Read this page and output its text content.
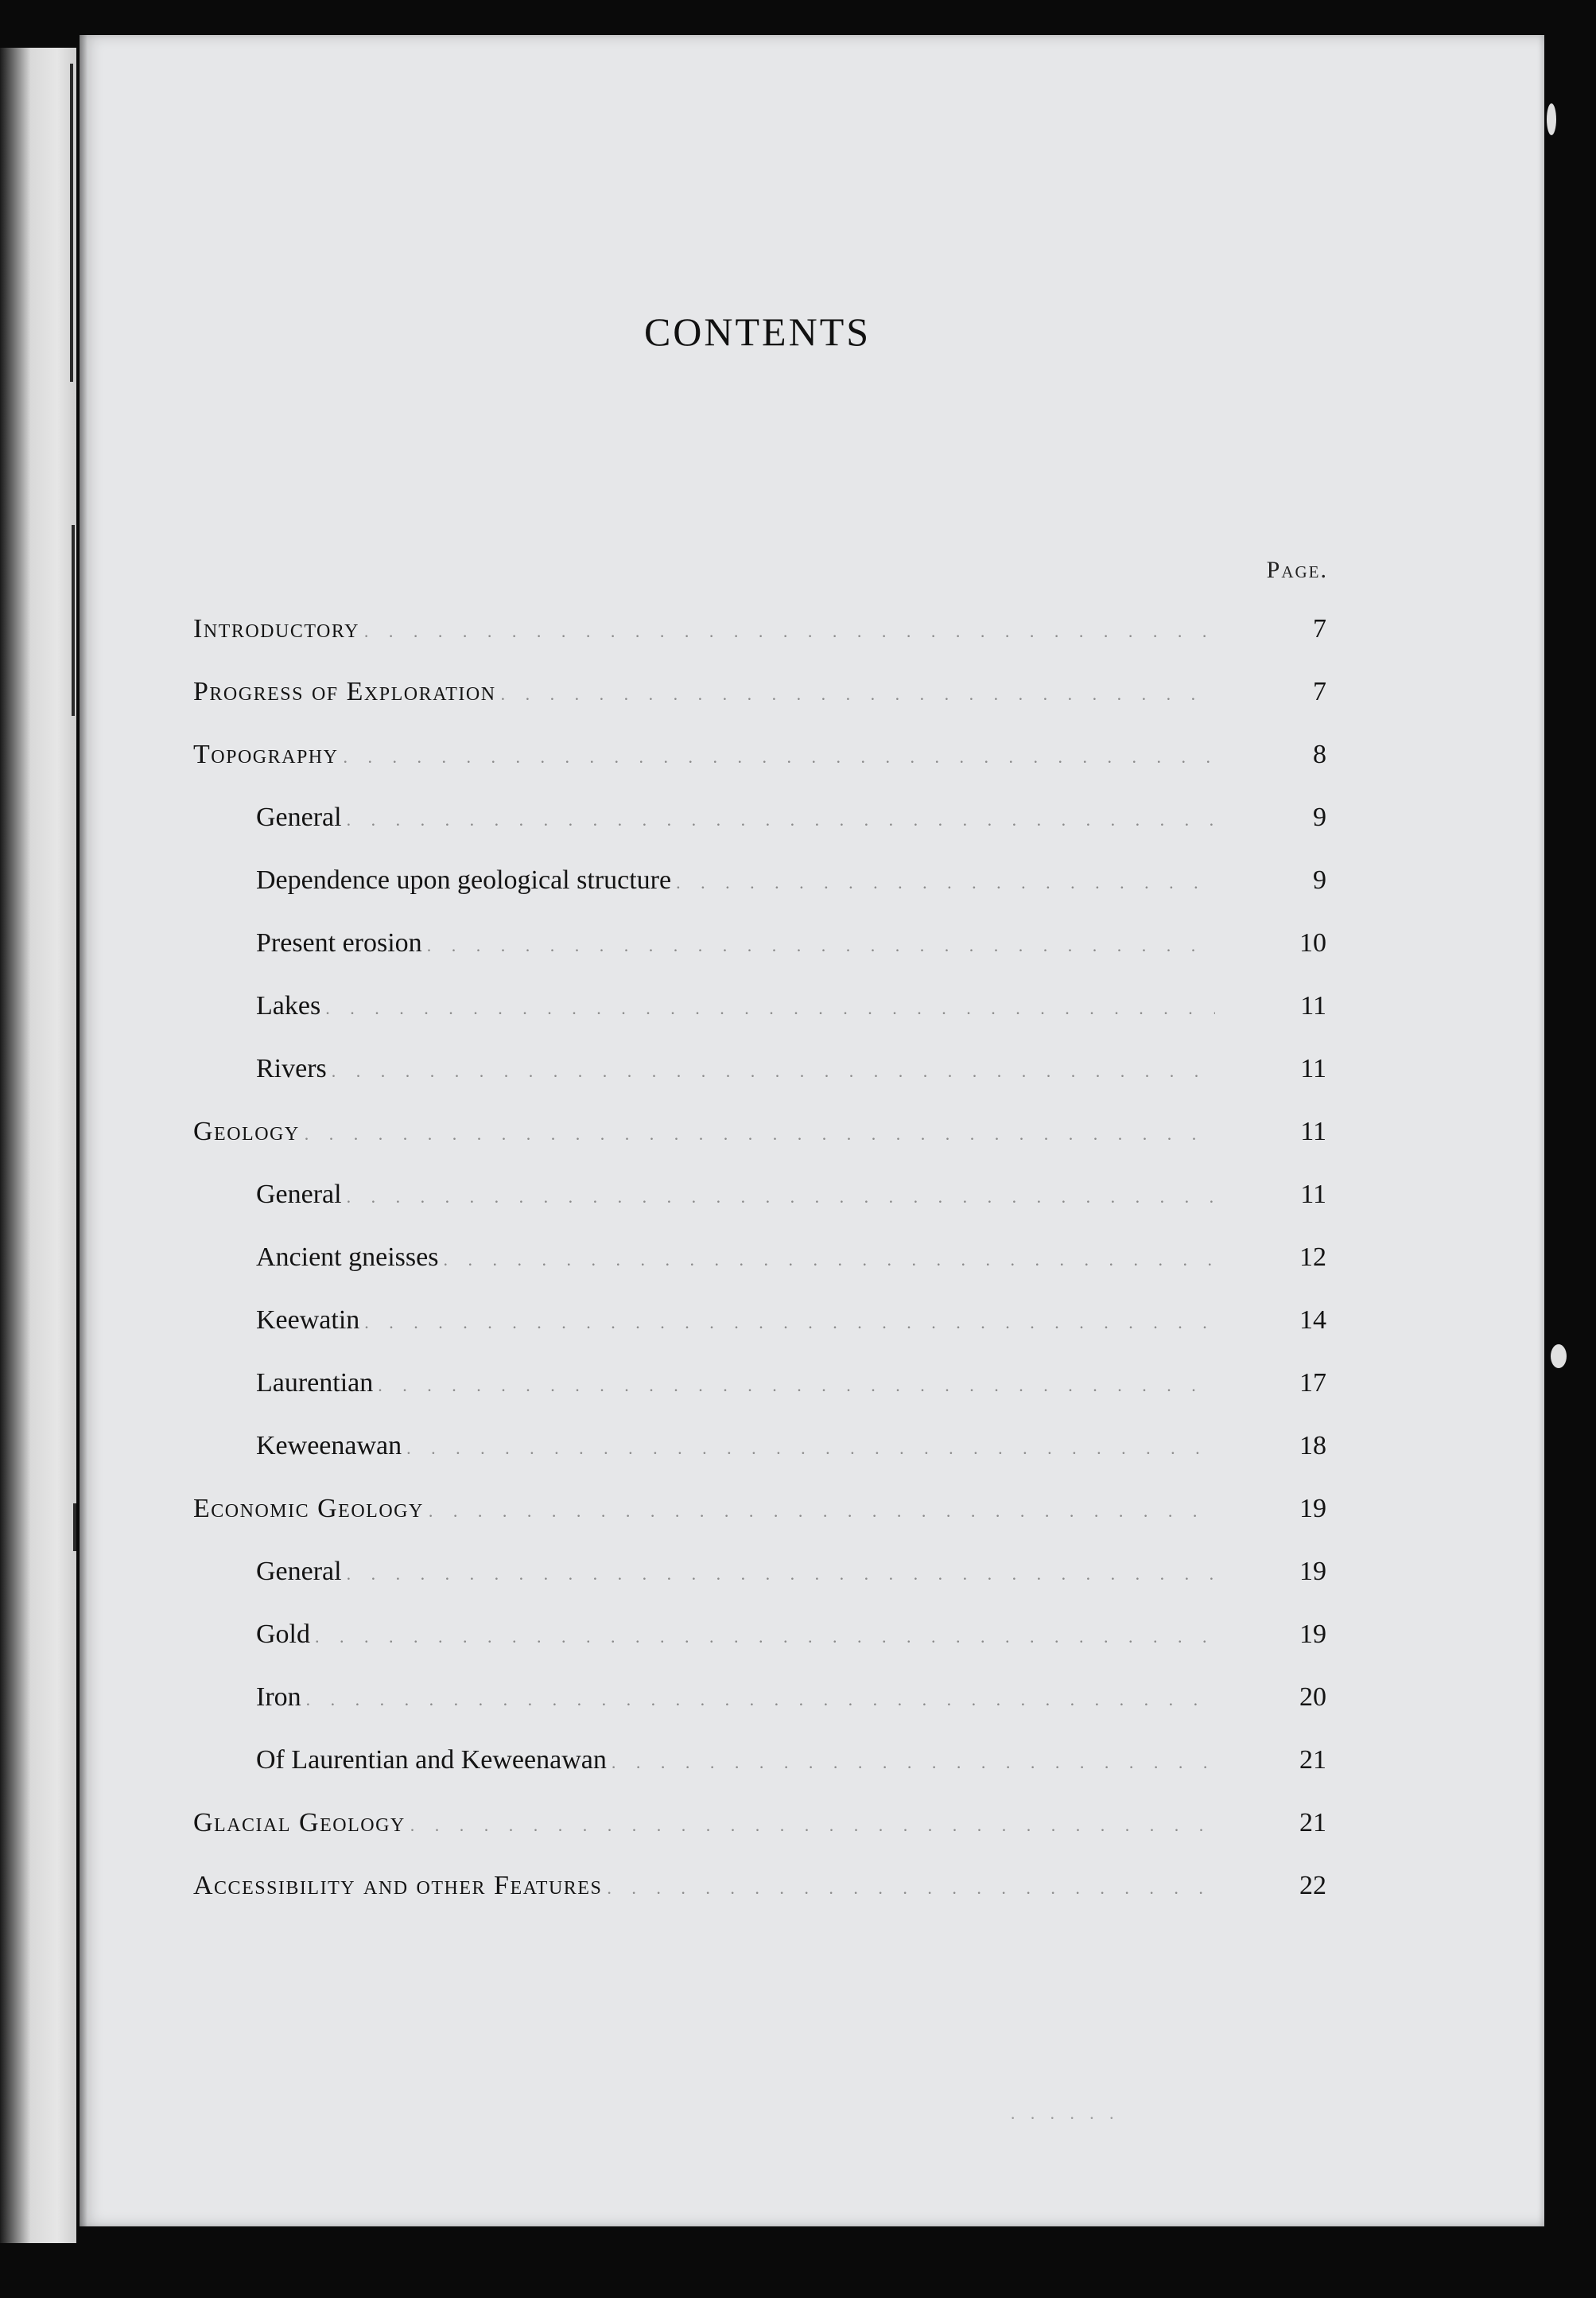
CONTENTS
Page.
Introductory . . .	7
Progress of Exploration . . .	7
Topography . . .	8
General . . .	9
Dependence upon geological structure . . .	9
Present erosion . . .	10
Lakes . . .	11
Rivers . . .	11
Geology . . .	11
General . . .	11
Ancient gneisses . . .	12
Keewatin . . .	14
Laurentian . . .	17
Keweenawan . . .	18
Economic Geology . . .	19
General . . .	19
Gold . . .	19
Iron . . .	20
Of Laurentian and Keweenawan . . .	21
Glacial Geology . . .	21
Accessibility and other Features . . .	22
· · · · · ·
